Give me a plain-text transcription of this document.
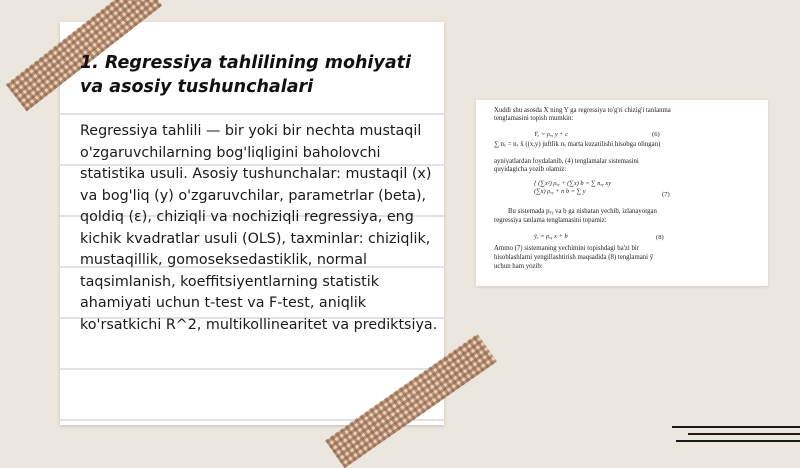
1. Regressiya tahlilining mohiyati va asosiy tushunchalari

Regressiya tahlili — bir yoki bir nechta mustaqil o'zgaruvchilarning bog'liqligini baholovchi statistika usuli. Asosiy tushunchalar: mustaqil (x) va bog'liq (y) o'zgaruvchilar, parametrlar (beta), qoldiq (ε), chiziqli va nochiziqli regressiya, eng kichik kvadratlar usuli (OLS), taxminlar: chiziqlik, mustaqillik, gomoseksedastiklik, normal taqsimlanish, koeffitsiyentlarning statistik ahamiyati uchun t-test va F-test, aniqlik ko'rsatkichi R^2, multikollinearitet va prediktsiya.

Xuddi shu asosda X ning Y ga regressiya to'g'ri chizig'i tanlanma
tenglamasini topish mumkin:
Ȳₓ = ρₓᵧ y + c	(6)
∑ nₓ = nₓ x̄ ((x,y) juftlik nₓ marta kuzatilishi hisobga olingan)
ayniyatlardan foydalanib, (4) tenglamalar sistemasini
quyidagicha yozib olamiz:
{ (∑x²) ρₓᵧ + (∑x) b = ∑ nₓᵧ xy
(∑x) ρₓᵧ + n b = ∑ y	(7)
Bu sistemada pₓᵧ va b ga nisbatan yechib, izlanayotgan
regressiya tanlama tenglamasini topamiz:
ȳₓ = ρₓᵧ x + b	(8)
Ammo (7) sistemaning yechimini topishdagi ba'zi bir
hisoblashlarni yengillashtirish maqsadida (8) tenglamani ȳ
uchun ham yozib:
